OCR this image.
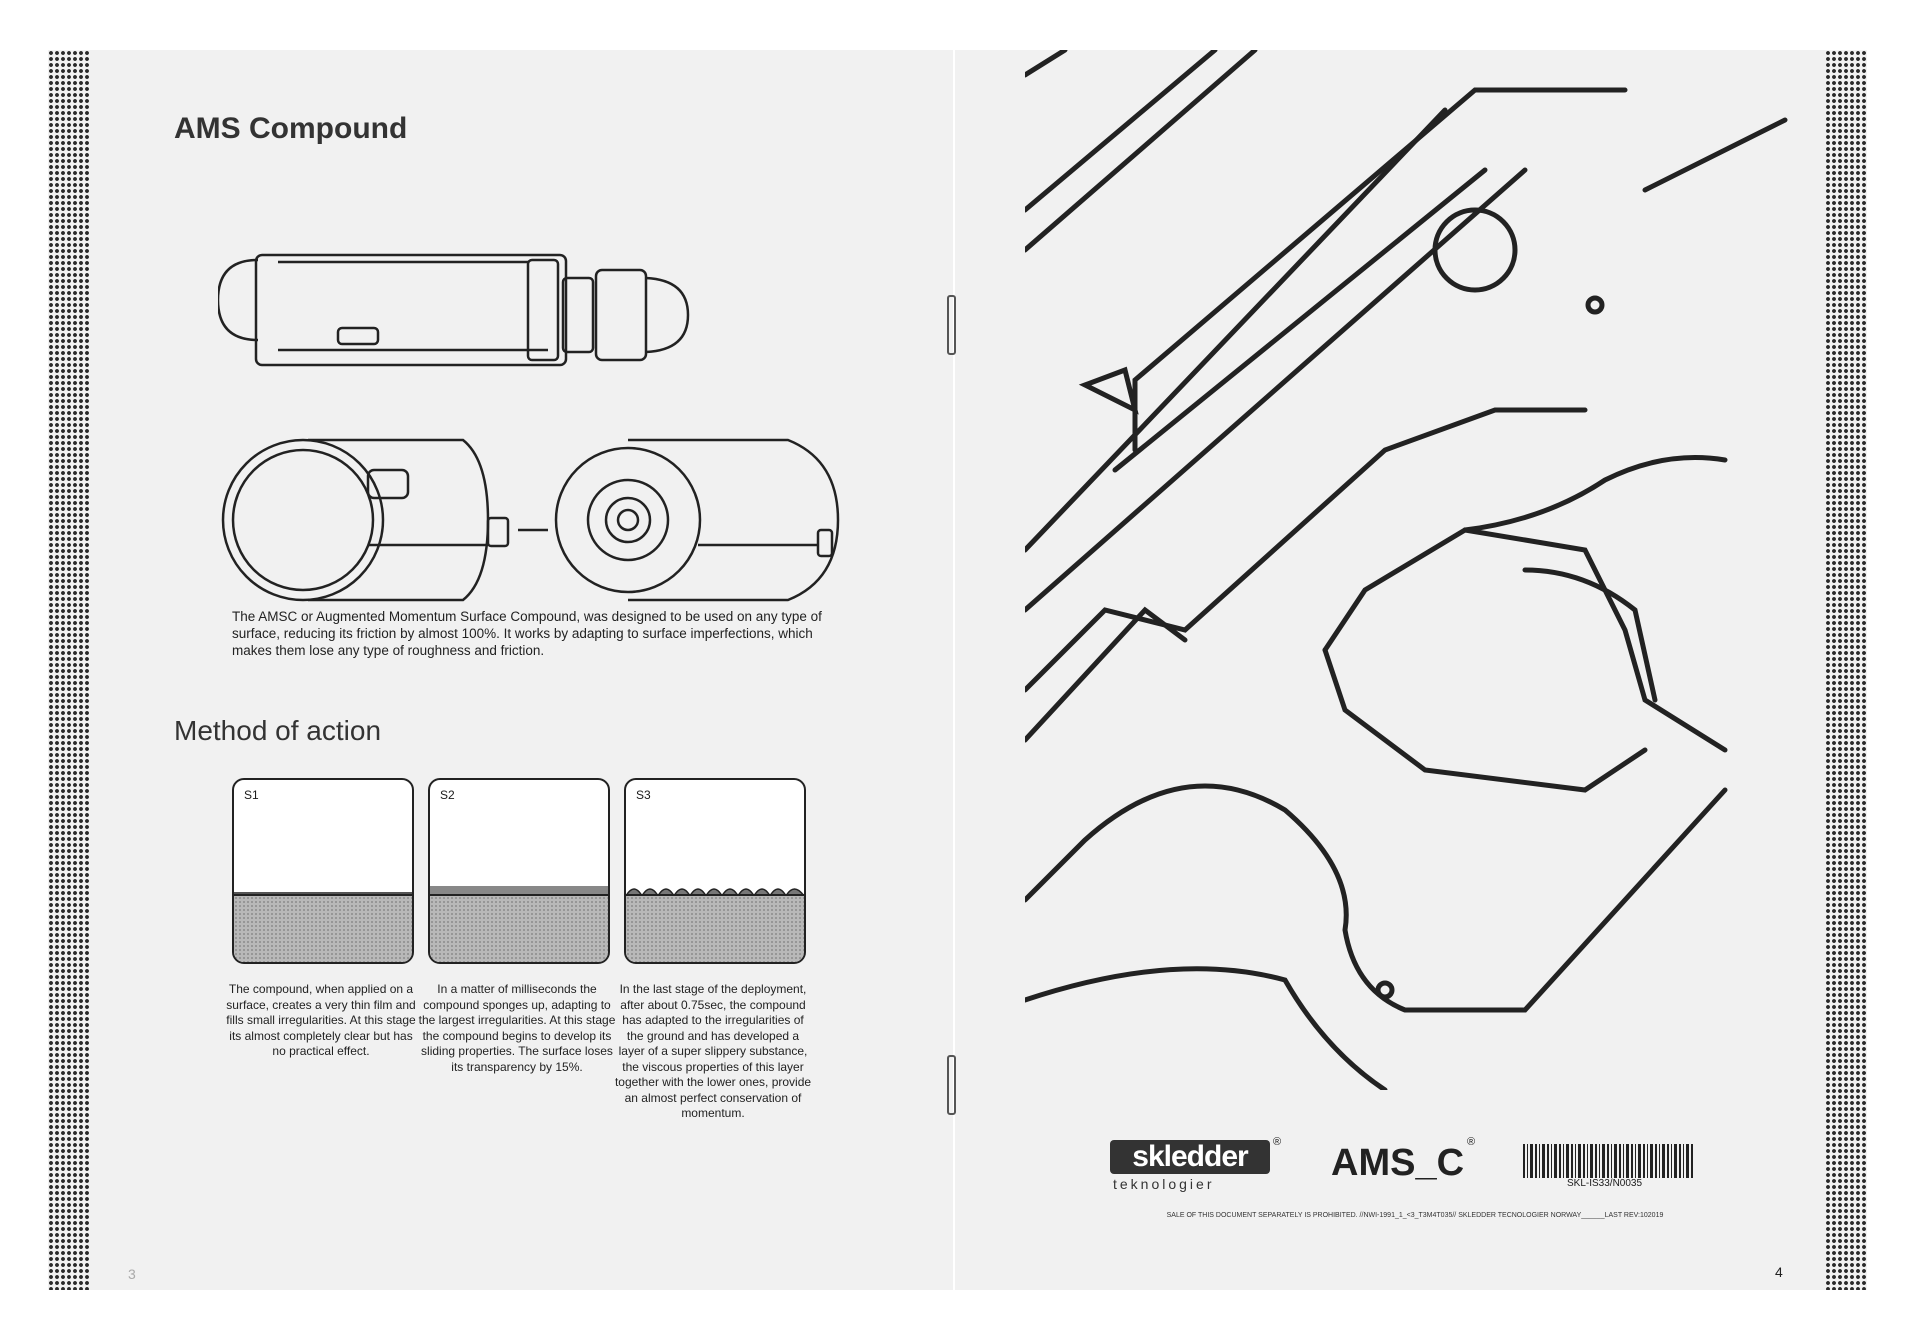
AMS Compound

The AMSC or Augmented Momentum Surface Compound, was designed to be used on any type of surface, reducing its friction by almost 100%. It works by adapting to surface imperfections, which makes them lose any type of roughness and friction.

Method of action
S1	S2	S3

The compound, when applied on a surface, creates a very thin film and fills small irregularities. At this stage its almost completely clear but has no practical effect.

In a matter of milliseconds the compound sponges up, adapting to the largest irregularities. At this stage the compound begins to develop its sliding properties. The surface loses its transparency by 15%.

In the last stage of the deployment, after about 0.75sec, the compound has adapted to the irregularities of the ground and has developed a layer of a super slippery substance, the viscous properties of this layer together with the lower ones, provide an almost perfect conservation of momentum.

3
skledder	®
teknologier	AMS_C ®
SKL-IS33/N0035
SALE OF THIS DOCUMENT SEPARATELY IS PROHIBITED. //NWI-1991_1_<3_T3M4T035// SKLEDDER TECNOLOGIER NORWAY______LAST REV:102019
4
